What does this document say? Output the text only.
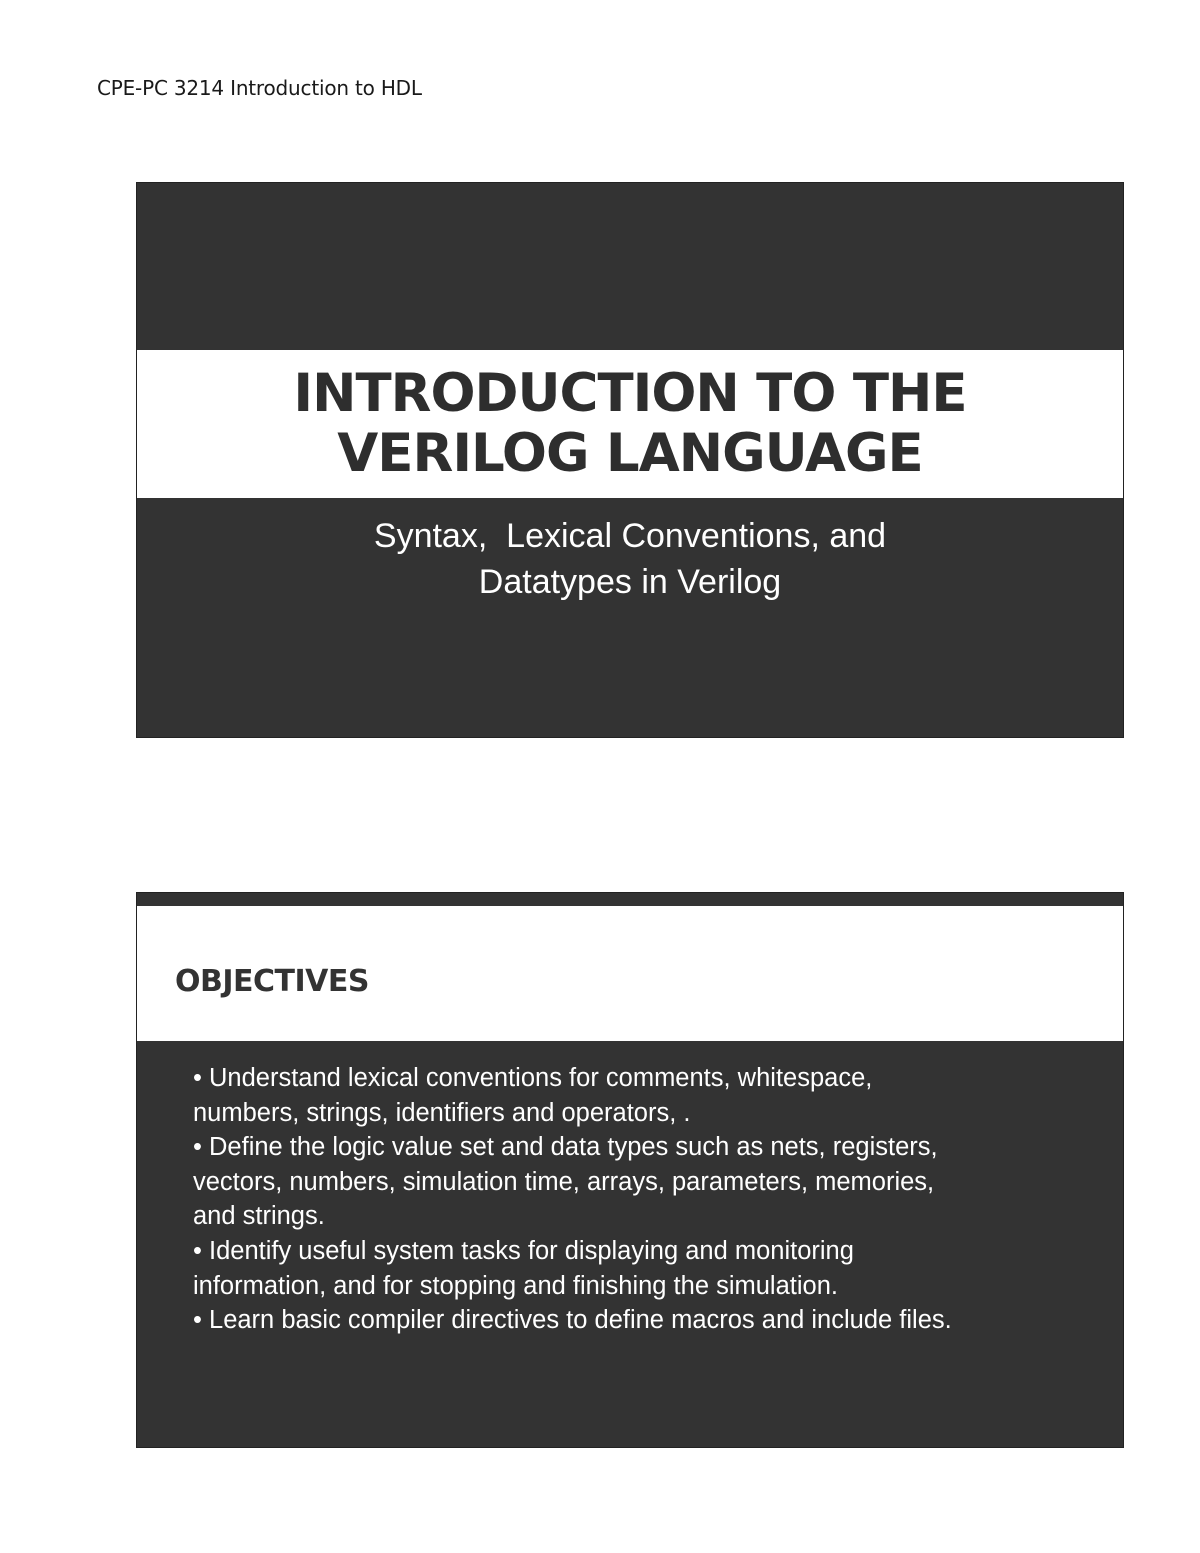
CPE-PC 3214 Introduction to HDL
INTRODUCTION TO THE
VERILOG LANGUAGE
Syntax,  Lexical Conventions, and
Datatypes in Verilog
OBJECTIVES
• Understand lexical conventions for comments, whitespace,
numbers, strings, identifiers and operators, .
• Define the logic value set and data types such as nets, registers,
vectors, numbers, simulation time, arrays, parameters, memories,
and strings.
• Identify useful system tasks for displaying and monitoring
information, and for stopping and finishing the simulation.
• Learn basic compiler directives to define macros and include files.
